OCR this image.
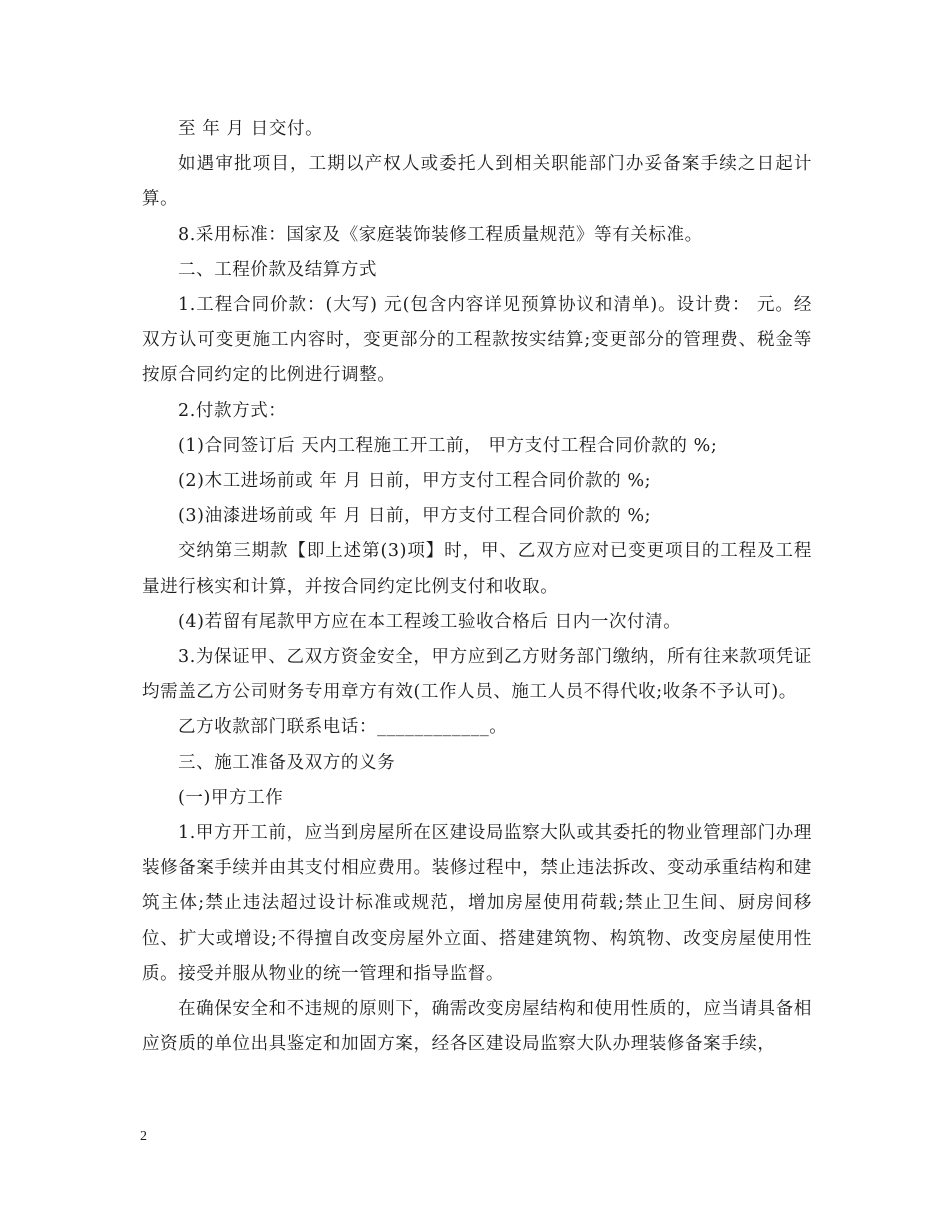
至 年 月 日交付。

如遇审批项目，工期以产权人或委托人到相关职能部门办妥备案手续之日起计算。

8.采用标准：国家及《家庭装饰装修工程质量规范》等有关标准。

二、工程价款及结算方式

1.工程合同价款：(大写) 元(包含内容详见预算协议和清单)。设计费： 元。经双方认可变更施工内容时，变更部分的工程款按实结算;变更部分的管理费、税金等按原合同约定的比例进行调整。

2.付款方式：

(1)合同签订后 天内工程施工开工前， 甲方支付工程合同价款的 %;

(2)木工进场前或 年 月 日前，甲方支付工程合同价款的 %;

(3)油漆进场前或 年 月 日前，甲方支付工程合同价款的 %;

交纳第三期款【即上述第(3)项】时，甲、乙双方应对已变更项目的工程及工程量进行核实和计算，并按合同约定比例支付和收取。

(4)若留有尾款甲方应在本工程竣工验收合格后 日内一次付清。

3.为保证甲、乙双方资金安全，甲方应到乙方财务部门缴纳，所有往来款项凭证均需盖乙方公司财务专用章方有效(工作人员、施工人员不得代收;收条不予认可)。

乙方收款部门联系电话：____________。

三、施工准备及双方的义务

(一)甲方工作

1.甲方开工前，应当到房屋所在区建设局监察大队或其委托的物业管理部门办理装修备案手续并由其支付相应费用。装修过程中，禁止违法拆改、变动承重结构和建筑主体;禁止违法超过设计标准或规范，增加房屋使用荷载;禁止卫生间、厨房间移位、扩大或增设;不得擅自改变房屋外立面、搭建建筑物、构筑物、改变房屋使用性质。接受并服从物业的统一管理和指导监督。

在确保安全和不违规的原则下，确需改变房屋结构和使用性质的，应当请具备相应资质的单位出具鉴定和加固方案，经各区建设局监察大队办理装修备案手续，

2
